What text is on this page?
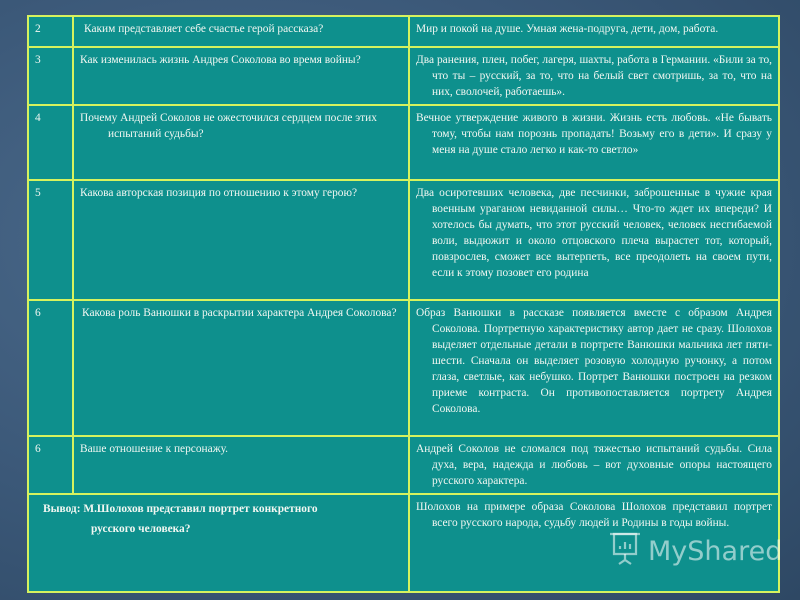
2	Каким представляет себе счастье герой рассказа?	Мир и покой на душе. Умная жена-подруга, дети, дом, работа.
3	Как изменилась жизнь Андрея Соколова во время войны?	Два ранения, плен, побег, лагеря, шахты, работа в Германии. «Били за то, что ты – русский, за то, что на белый свет смотришь, за то, что на них, сволочей, работаешь».
4	Почему Андрей Соколов не ожесточился сердцем после этих испытаний судьбы?	Вечное утверждение живого в жизни. Жизнь есть любовь. «Не бывать тому, чтобы нам порознь пропадать! Возьму его в дети». И сразу у меня на душе стало легко и как-то светло»
5	Какова авторская позиция по отношению к этому герою?	Два осиротевших человека, две песчинки, заброшенные в чужие края военным ураганом невиданной силы… Что-то ждет их впереди? И хотелось бы думать, что этот русский человек, человек несгибаемой воли, выдюжит и около отцовского плеча вырастет тот, который, повзрослев, сможет все вытерпеть, все преодолеть на своем пути, если к этому позовет его родина
6	Какова роль Ванюшки в раскрытии характера Андрея Соколова?	Образ Ванюшки в рассказе появляется вместе с образом Андрея Соколова. Портретную характеристику автор дает не сразу. Шолохов выделяет отдельные детали в портрете Ванюшки мальчика лет пяти-шести. Сначала он выделяет розовую холодную ручонку, а потом глаза, светлые, как небушко. Портрет Ванюшки построен на резком приеме контраста. Он противопоставляется портрету Андрея Соколова.
6	Ваше отношение к персонажу.	Андрей Соколов не сломался под тяжестью испытаний судьбы. Сила духа, вера, надежда и любовь – вот духовные опоры настоящего русского характера.

Вывод: М.Шолохов представил портрет конкретного русского человека?		Шолохов на примере образа Соколова Шолохов представил портрет всего русского народа, судьбу людей и Родины в годы войны.
MyShared
